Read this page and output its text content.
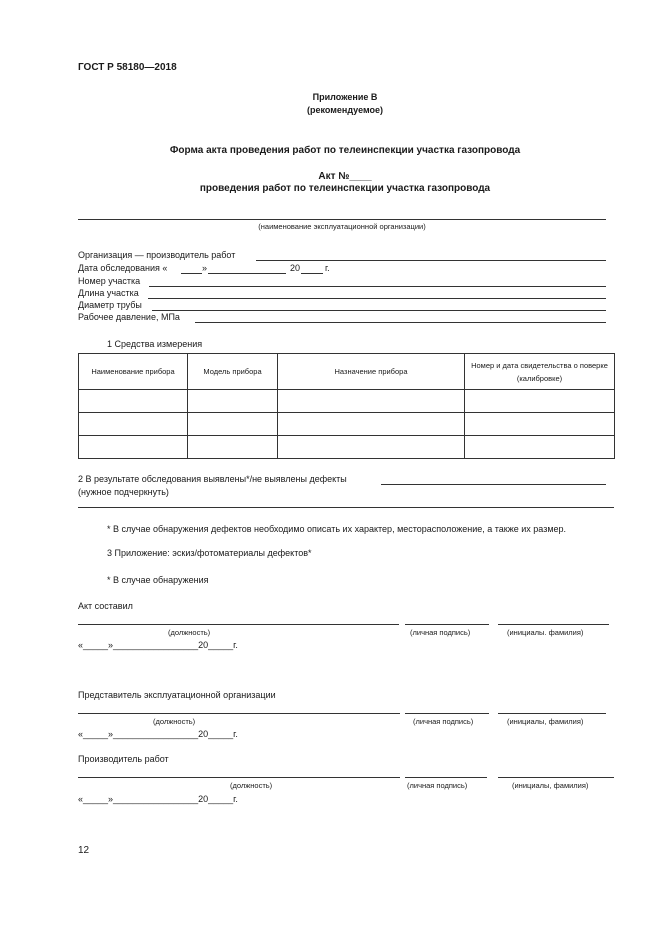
ГОСТ Р 58180—2018
Приложение В
(рекомендуемое)
Форма акта проведения работ по телеинспекции участка газопровода
Акт №____
проведения работ по телеинспекции участка газопровода
(наименование эксплуатационной организации)
Организация — производитель работ
Дата обследования «	»	20	г.
Номер участка
Длина участка
Диаметр трубы
Рабочее давление, МПа
1 Средства измерения
Наименование прибора	Модель прибора	Назначение прибора	Номер и дата свидетельства о поверке (калибровке)

2 В результате обследования выявлены*/не выявлены дефекты
(нужное подчеркнуть)
* В случае обнаружения дефектов необходимо описать их характер, месторасположение, а также их размер.
3 Приложение: эскиз/фотоматериалы дефектов*
* В случае обнаружения
Акт составил
(должность)	(личная подпись)	(инициалы. фамилия)
«_____»_________________20_____г.
Представитель эксплуатационной организации
(должность)	(личная подпись)	(инициалы, фамилия)
«_____»_________________20_____г.
Производитель работ
(должность)	(личная подпись)	(инициалы, фамилия)
«_____»_________________20_____г.
12
